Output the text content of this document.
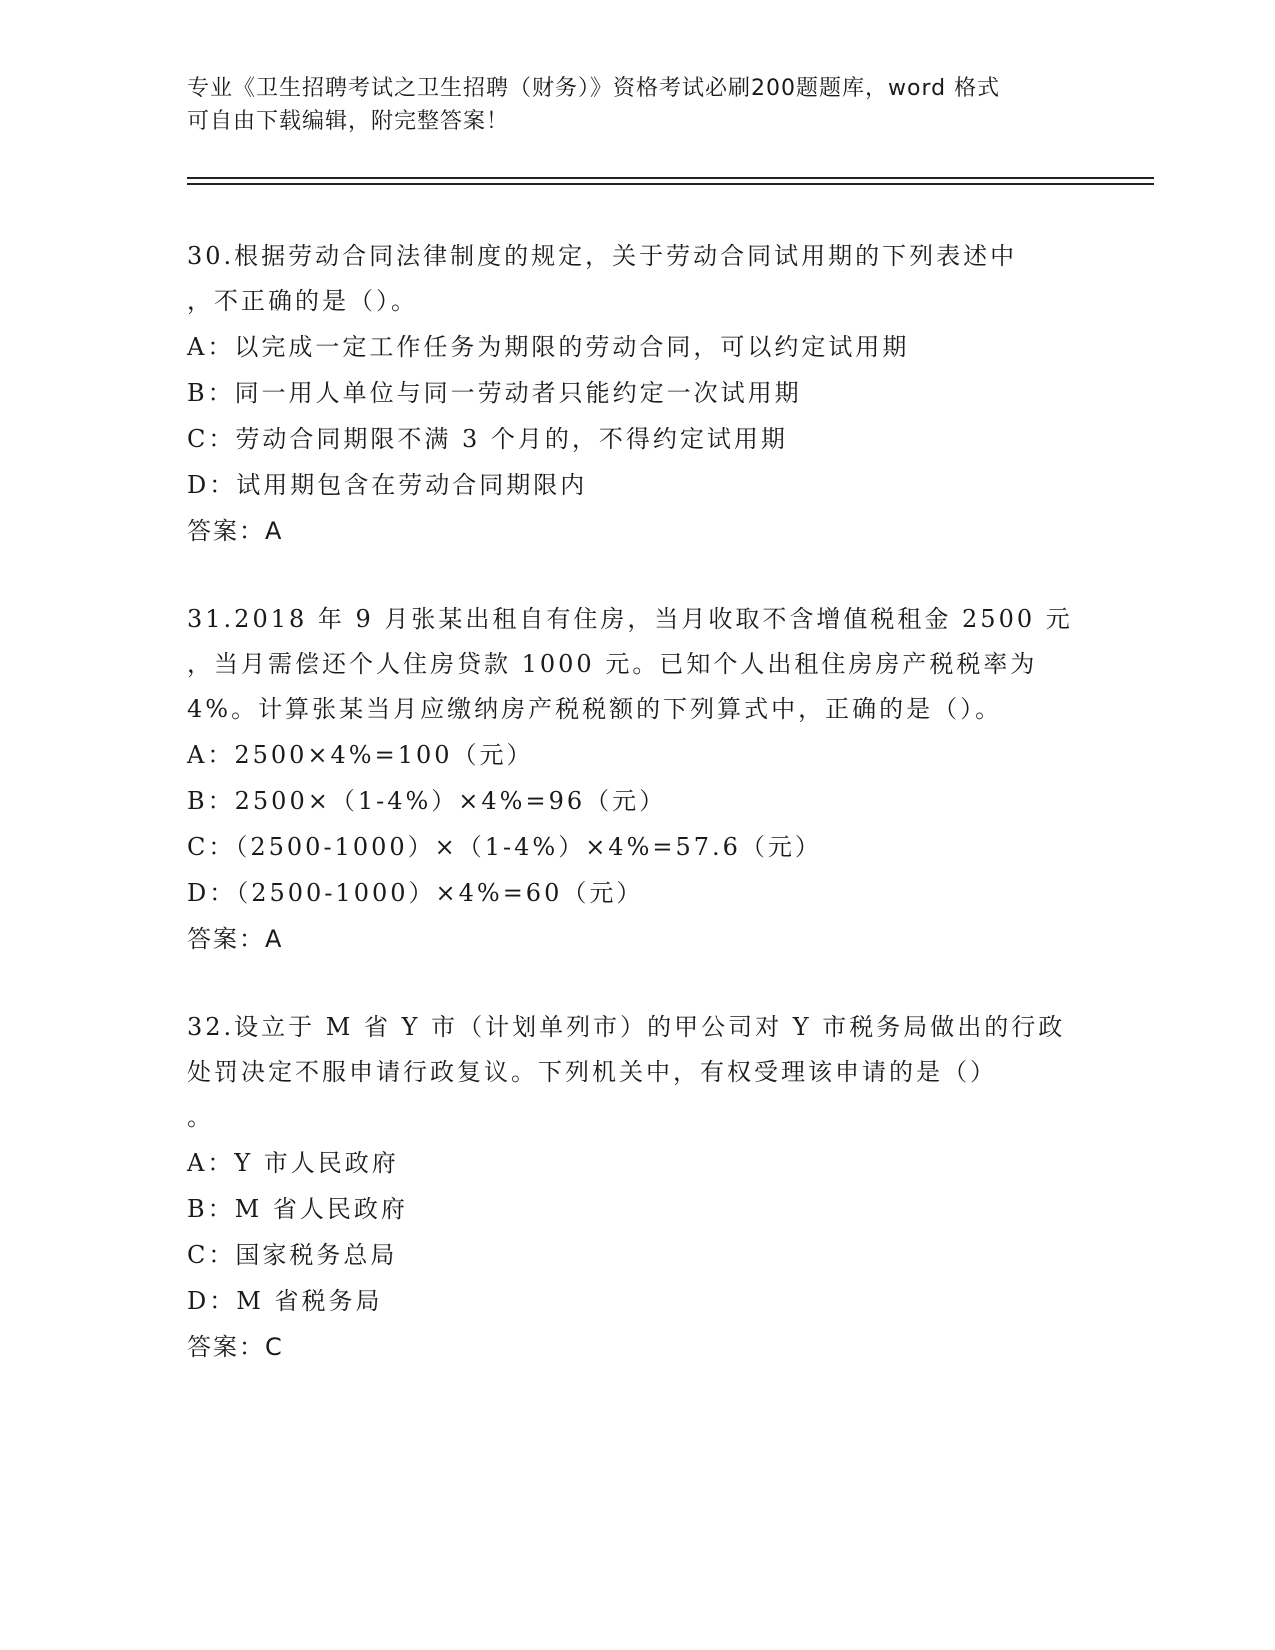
专业《卫生招聘考试之卫生招聘（财务）》资格考试必刷200题题库，word 格式
可自由下载编辑，附完整答案！
30.根据劳动合同法律制度的规定，关于劳动合同试用期的下列表述中
，不正确的是（）。
A：以完成一定工作任务为期限的劳动合同，可以约定试用期
B：同一用人单位与同一劳动者只能约定一次试用期
C：劳动合同期限不满 3 个月的，不得约定试用期
D：试用期包含在劳动合同期限内
答案：A
31.2018 年 9 月张某出租自有住房，当月收取不含增值税租金 2500 元
，当月需偿还个人住房贷款 1000 元。已知个人出租住房房产税税率为
4%。计算张某当月应缴纳房产税税额的下列算式中，正确的是（）。
A：2500×4%=100（元）
B：2500×（1-4%）×4%=96（元）
C：（2500-1000）×（1-4%）×4%=57.6（元）
D：（2500-1000）×4%=60（元）
答案：A
32.设立于 M 省 Y 市（计划单列市）的甲公司对 Y 市税务局做出的行政
处罚决定不服申请行政复议。下列机关中，有权受理该申请的是（）
。
A：Y 市人民政府
B：M 省人民政府
C：国家税务总局
D：M 省税务局
答案：C
